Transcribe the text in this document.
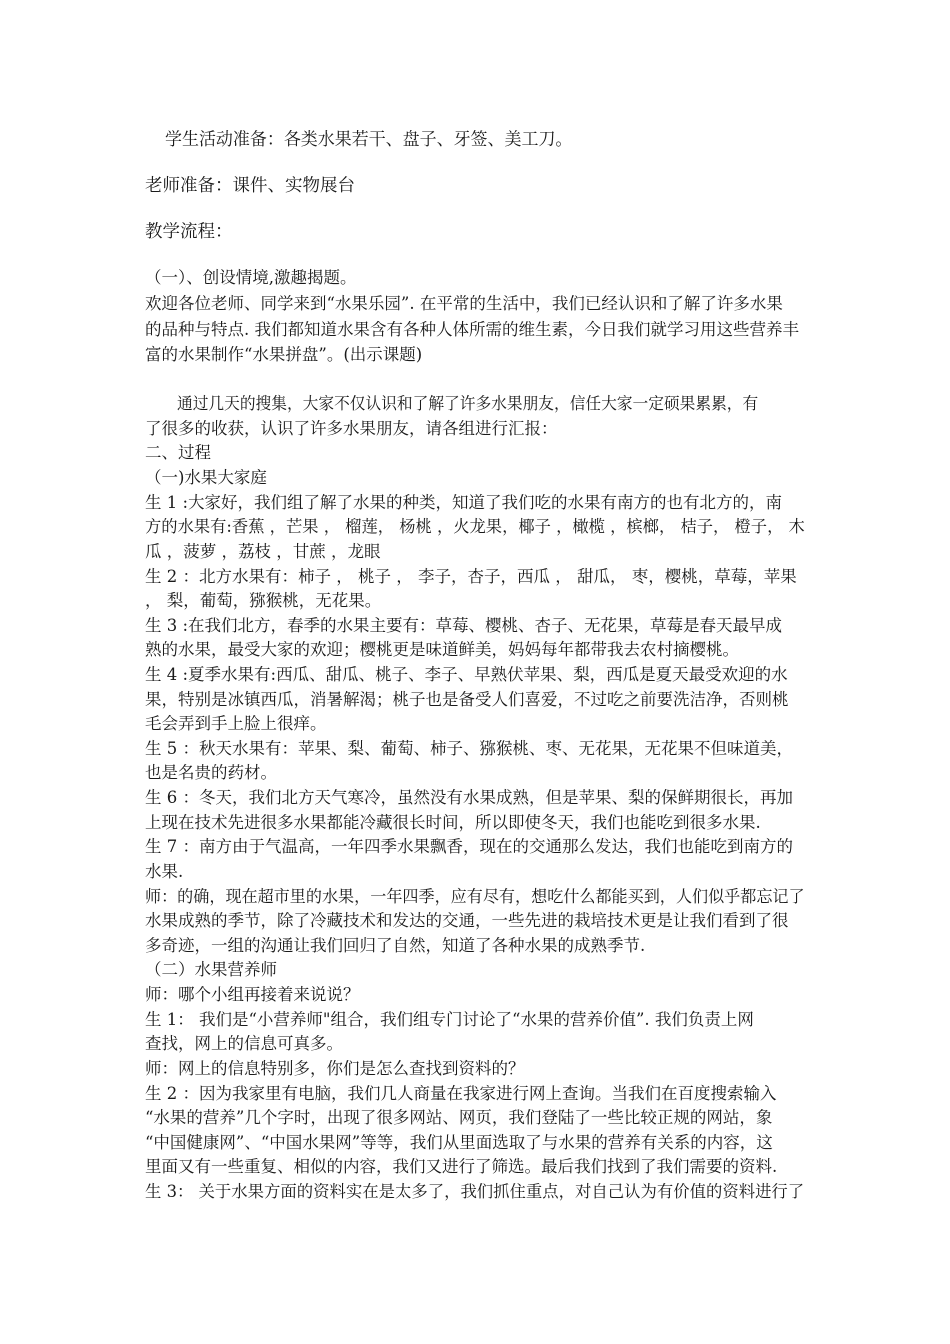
学生活动准备：各类水果若干、盘子、牙签、美工刀。
老师准备：课件、实物展台
教学流程：
（一）、创设情境,激趣揭题。
欢迎各位老师、同学来到“水果乐园”. 在平常的生活中，我们已经认识和了解了许多水果
的品种与特点. 我们都知道水果含有各种人体所需的维生素，今日我们就学习用这些营养丰
富的水果制作“水果拼盘”。(出示课题)
通过几天的搜集，大家不仅认识和了解了许多水果朋友，信任大家一定硕果累累，有
了很多的收获，认识了许多水果朋友，请各组进行汇报：
二、过程
（一)水果大家庭
生 1 :大家好，我们组了解了水果的种类，知道了我们吃的水果有南方的也有北方的，南
方的水果有:香蕉 ，芒果 ， 榴莲， 杨桃 ，火龙果，椰子 ，橄榄 ，槟榔， 桔子， 橙子， 木
瓜 ，菠萝 ，荔枝 ，甘蔗 ，龙眼
生 2 ：北方水果有：柿子 ， 桃子 ， 李子，杏子，西瓜 ， 甜瓜， 枣，樱桃，草莓，苹果
， 梨，葡萄，猕猴桃，无花果。
生 3 :在我们北方，春季的水果主要有：草莓、樱桃、杏子、无花果，草莓是春天最早成
熟的水果，最受大家的欢迎；樱桃更是味道鲜美，妈妈每年都带我去农村摘樱桃。
生 4 :夏季水果有:西瓜、甜瓜、桃子、李子、早熟伏苹果、梨，西瓜是夏天最受欢迎的水
果，特别是冰镇西瓜，消暑解渴；桃子也是备受人们喜爱，不过吃之前要洗洁净，否则桃
毛会弄到手上脸上很痒。
生 5 ：秋天水果有：苹果、梨、葡萄、柿子、猕猴桃、枣、无花果，无花果不但味道美，
也是名贵的药材。
生 6 ：冬天，我们北方天气寒冷，虽然没有水果成熟，但是苹果、梨的保鲜期很长，再加
上现在技术先进很多水果都能冷藏很长时间，所以即使冬天，我们也能吃到很多水果.
生 7 ：南方由于气温高，一年四季水果飘香，现在的交通那么发达，我们也能吃到南方的
水果.
师：的确，现在超市里的水果，一年四季，应有尽有，想吃什么都能买到，人们似乎都忘记了
水果成熟的季节，除了冷藏技术和发达的交通，一些先进的栽培技术更是让我们看到了很
多奇迹，一组的沟通让我们回归了自然，知道了各种水果的成熟季节.
（二）水果营养师
师：哪个小组再接着来说说？
生 1： 我们是“小营养师"组合，我们组专门讨论了“水果的营养价值”. 我们负责上网
查找，网上的信息可真多。
师：网上的信息特别多，你们是怎么查找到资料的？
生 2 ：因为我家里有电脑，我们几人商量在我家进行网上查询。当我们在百度搜索输入
“水果的营养”几个字时，出现了很多网站、网页，我们登陆了一些比较正规的网站，象
“中国健康网”、“中国水果网”等等，我们从里面选取了与水果的营养有关系的内容，这
里面又有一些重复、相似的内容，我们又进行了筛选。最后我们找到了我们需要的资料.
生 3： 关于水果方面的资料实在是太多了，我们抓住重点，对自己认为有价值的资料进行了
